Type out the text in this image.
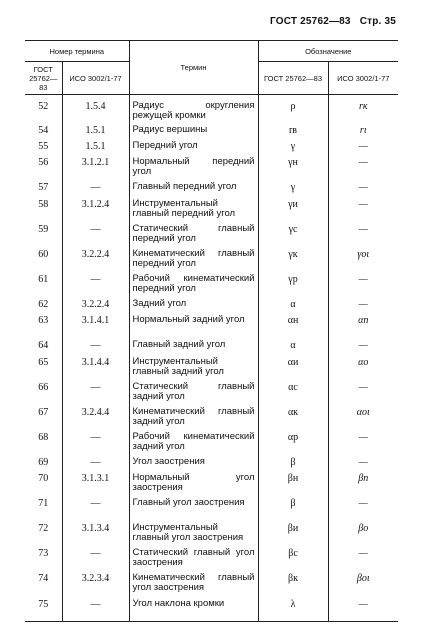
ГОСТ 25762—83 Стр. 35
Номер термина		Термин	Обозначение	
ГОСТ 25762—83	ИСО 3002/1-77		ГОСТ 25762—83	ИСО 3002/1-77
52	1.5.4	Радиус округления режущей кромки	ρ	rк
54	1.5.1	Радиус вершины	rв	rι
55	1.5.1	Передний угол	γ	—
56	3.1.2.1	Нормальный передний угол	γн	—
57	—	Главный передний угол	γ	—
58	3.1.2.4	Инструментальный главный передний угол	γи	—
59	—	Статический главный передний угол	γс	—
60	3.2.2.4	Кинематический главный передний угол	γк	γoι
61	—	Рабочий кинематический передний угол	γр	—
62	3.2.2.4	Задний угол	α	—
63	3.1.4.1	Нормальный задний угол	αн	αn
64	—	Главный задний угол	α	—
65	3.1.4.4	Инструментальный главный задний угол	αи	αo
66	—	Статический главный задний угол	αс	—
67	3.2.4.4	Кинематический главный задний угол	αк	αoι
68	—	Рабочий кинематический задний угол	αр	—
69	—	Угол заострения	β	—
70	3.1.3.1	Нормальный угол заострения	βн	βn
71	—	Главный угол заострения	β	—
72	3.1.3.4	Инструментальный главный угол заострения	βи	βo
73	—	Статический главный угол заострения	βс	—
74	3.2.3.4	Кинематический главный угол заострения	βк	βoι
75	—	Угол наклона кромки	λ	—
